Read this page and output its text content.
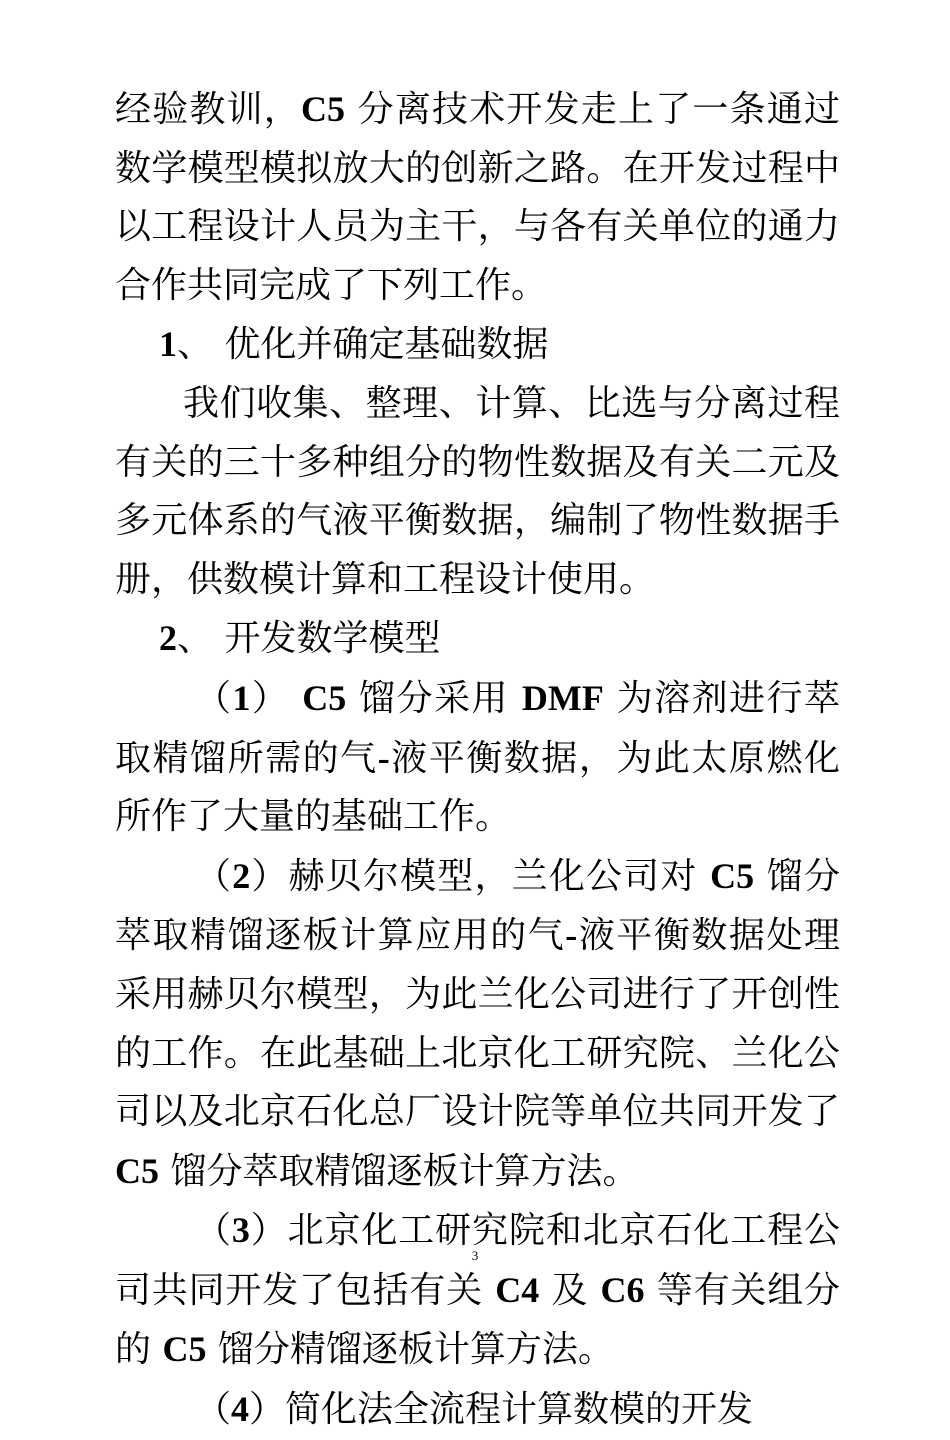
经验教训，C5 分离技术开发走上了一条通过数学模型模拟放大的创新之路。在开发过程中以工程设计人员为主干，与各有关单位的通力合作共同完成了下列工作。

1、 优化并确定基础数据

我们收集、整理、计算、比选与分离过程有关的三十多种组分的物性数据及有关二元及多元体系的气液平衡数据，编制了物性数据手册，供数模计算和工程设计使用。

2、 开发数学模型

（1） C5 馏分采用 DMF 为溶剂进行萃取精馏所需的气-液平衡数据，为此太原燃化所作了大量的基础工作。

（2）赫贝尔模型，兰化公司对 C5 馏分萃取精馏逐板计算应用的气-液平衡数据处理采用赫贝尔模型，为此兰化公司进行了开创性的工作。在此基础上北京化工研究院、兰化公司以及北京石化总厂设计院等单位共同开发了 C5 馏分萃取精馏逐板计算方法。

（3）北京化工研究院和北京石化工程公司共同开发了包括有关 C4 及 C6 等有关组分的 C5 馏分精馏逐板计算方法。

（4）简化法全流程计算数模的开发

3
